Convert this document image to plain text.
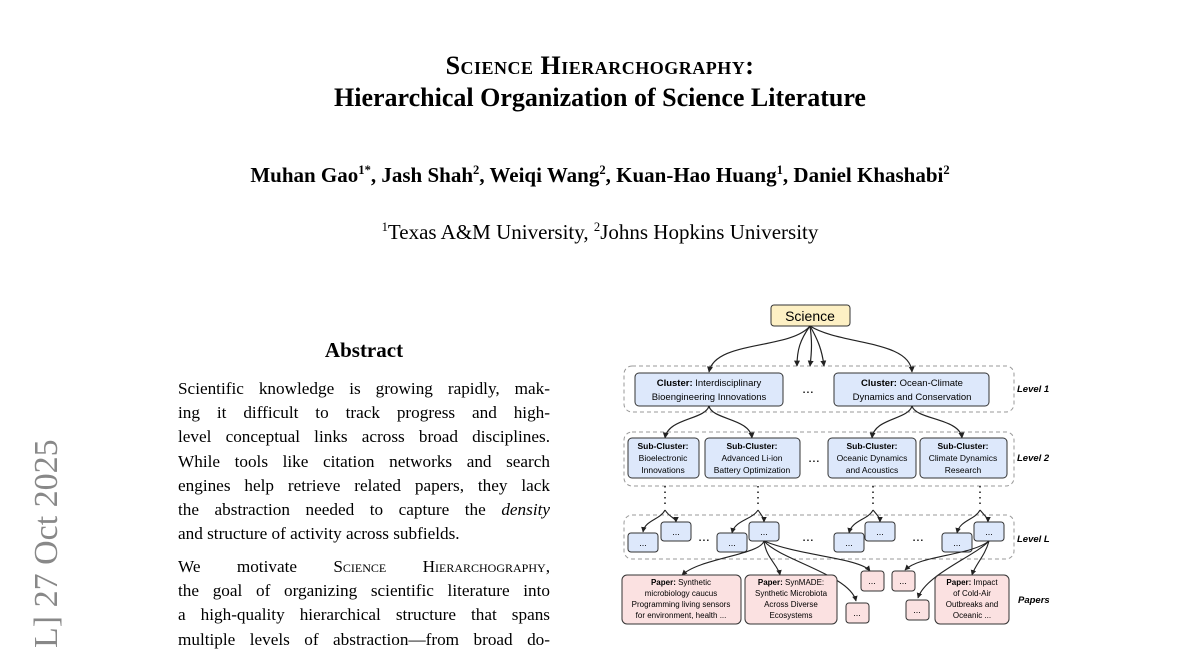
L] 27 Oct 2025
Science Hierarchography:
Hierarchical Organization of Science Literature
Muhan Gao$^{1*}$, Jash Shah$^2$, Weiqi Wang$^2$, Kuan-Hao Huang$^1$, Daniel Khashabi$^2$
$^1$Texas A&M University, $^2$Johns Hopkins University
Abstract
Scientific knowledge is growing rapidly, mak-
ing it difficult to track progress and high-
level conceptual links across broad disciplines.
While tools like citation networks and search
engines help retrieve related papers, they lack
the abstraction needed to capture the density
and structure of activity across subfields.
We motivate Science Hierarchography,
the goal of organizing scientific literature into
a high-quality hierarchical structure that spans
multiple levels of abstraction—from broad do-
Science
Cluster: Interdisciplinary
Bioengineering Innovations
...	Cluster: Ocean-Climate
Dynamics and Conservation
Level 1
Sub-Cluster:
Bioelectronic
Innovations
Sub-Cluster:
Advanced Li-ion
Battery Optimization
...
Sub-Cluster:
Oceanic Dynamics
and Acoustics
Sub-Cluster:
Climate Dynamics
Research
Level 2
...
...
...
...
...
...
...
...
...	...	...	Level L
Paper: Synthetic
microbiology caucus
Programming living sensors
for environment, health ...
Paper: SynMADE:
Synthetic Microbiota
Across Diverse
Ecosystems	...
...	...
...
Paper: Impact
of Cold-Air
Outbreaks and
Oceanic ...
Papers
